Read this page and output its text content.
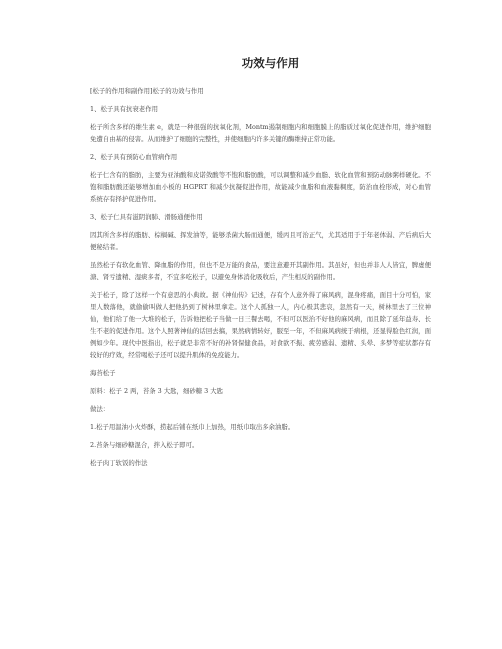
功效与作用
[松子的作用和副作用]松子的功效与作用
1、松子具有抗衰老作用
松子所含多样的维生素 e，就是一种很强的抗氧化剂，Montm遏制细胞内和细胞膜上的脂质过氧化促进作用，维护细胞免遭自由基的侵害。从而维护了细胞的完整性，并使细胞内许多关键的酶维持正常功能。
2、松子具有预防心血管病作用
松子仁含有的脂肪，主要为亚油酸和皮诺敛酸等不饱和脂肪酸，可以调整和减少血脂、软化血管和预防动脉粥样硬化。不饱和脂肪酸还能够增加血小板的 HGPRT 和减少抗凝促进作用，故能减少血脂和血液黏稠度，防治血栓形成，对心血管系统存有择护促进作用。
3、松子仁具有滋阴润肺、滑肠通便作用
因其所含多样的脂肪、棕榈碱、挥发油等，能够杀菌大肠而通便，缓丙且可治正气，尤其适用于于年老体弱、产后病后大便秘结者。
虽然松子有软化血管、降血脂的作用，但也不是万能的食品，要注意避开其副作用。其虽好，但也并非人人皆宜，脾虚便溏、肾亏遗精、湿痰多者，不宜多吃松子，以避免身体消化吸收后，产生相反的副作用。
关于松子，除了这样一个有意思的小典故。据《神仙传》记述，存有个人意外得了麻风病，混身疼痛，面目十分可怕，家里人数落他，就偷偷叫做人把他扔到了树林里拿走。这个人孤独一人，内心极其悲哀，忽然有一天，树林里去了三位神仙，他们给了他一大堆的松子，告诉他把松子当做一日三餐去喝，不但可以医治不好他的麻风病，而且除了延年益寿、长生不老的促进作用。这个人照著神仙的话回去搞，果然病情转好，服至一年，不但麻风病统于病根，还显得脸色红润，面例如少年。现代中医指出，松子就是非常不好的补肾保健食品，对食欲不振、疲劳感弱、遗精、头晕、多梦等症状都存有较好的疗效，经常喝松子还可以提升肌体的免疫能力。
海苔松子
原料：松子 2 两，苔条 3 大匙，细砂糖 3 大匙
做法：
1.松子用温油小火炸酥，捞起后铺在纸巾上加热，用纸巾取出多余油脂。
2.苔条与细砂糖混合，拌入松子即可。
松子肉丁软饭的作法
